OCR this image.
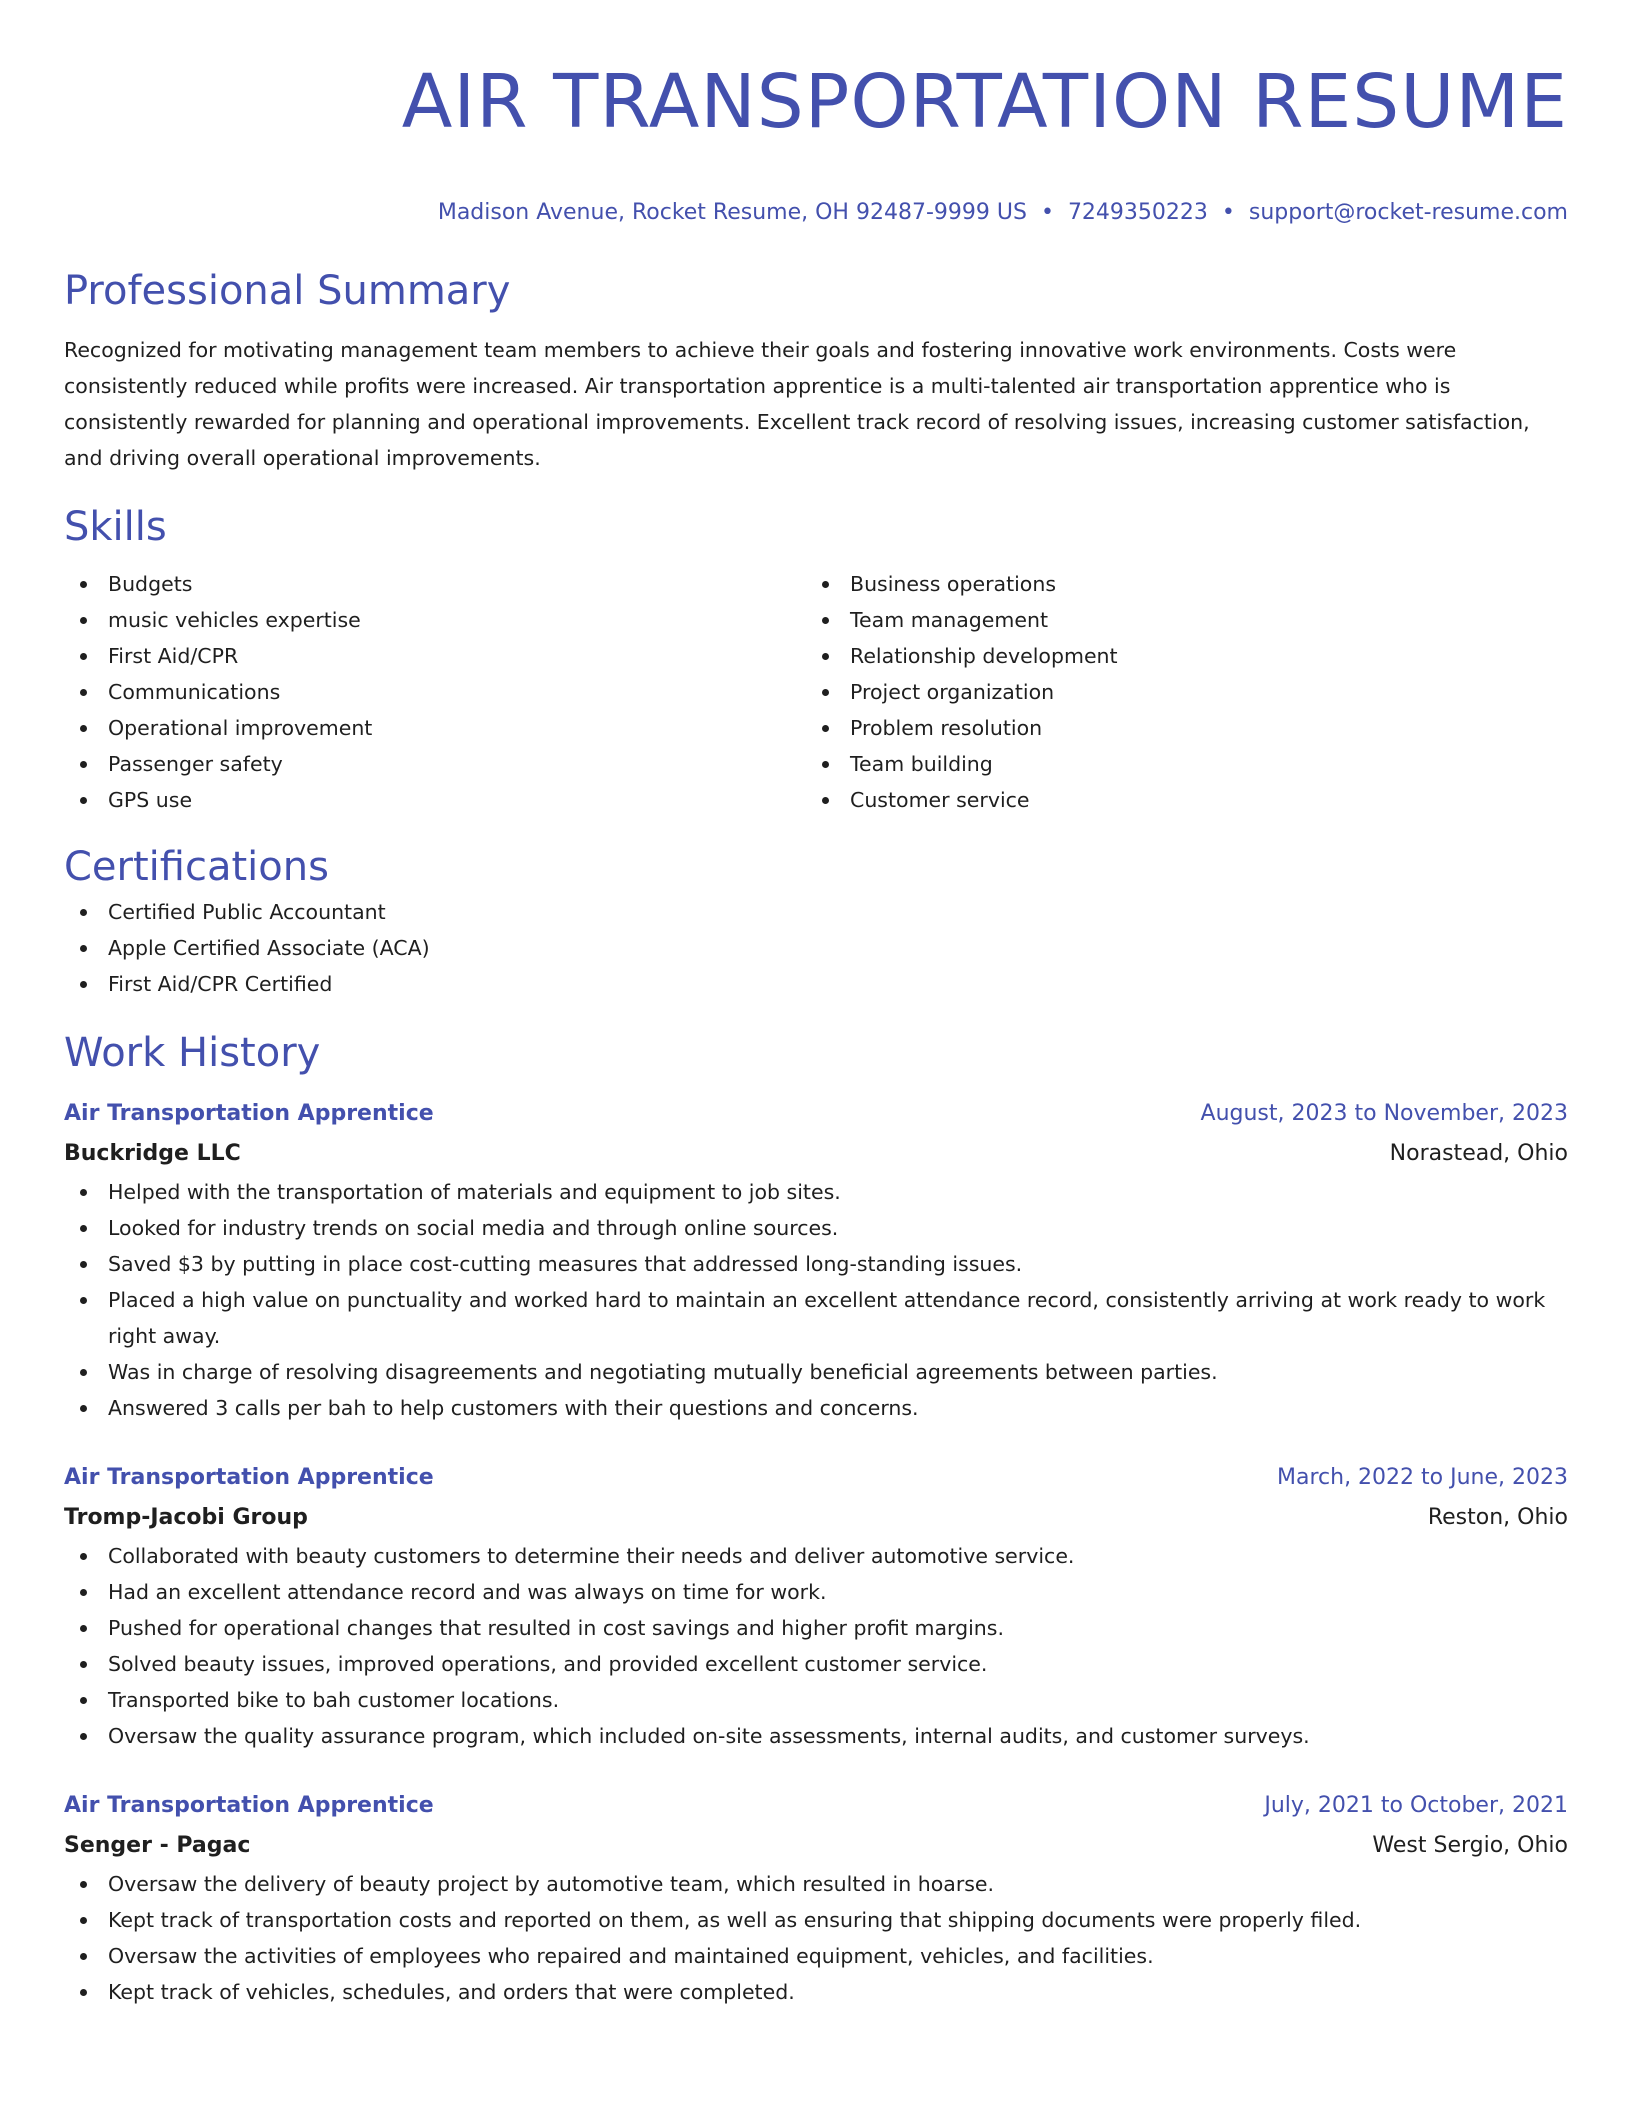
AIR TRANSPORTATION RESUME
Madison Avenue, Rocket Resume, OH 92487-9999 US • 7249350223 • support@rocket-resume.com
Professional Summary
Recognized for motivating management team members to achieve their goals and fostering innovative work environments. Costs were consistently reduced while profits were increased. Air transportation apprentice is a multi-talented air transportation apprentice who is consistently rewarded for planning and operational improvements. Excellent track record of resolving issues, increasing customer satisfaction, and driving overall operational improvements.
Skills
Budgets
music vehicles expertise
First Aid/CPR
Communications
Operational improvement
Passenger safety
GPS use
Business operations
Team management
Relationship development
Project organization
Problem resolution
Team building
Customer service
Certifications
Certified Public Accountant
Apple Certified Associate (ACA)
First Aid/CPR Certified
Work History
Air Transportation Apprentice	August, 2023 to November, 2023
Buckridge LLC	Norastead, Ohio
Helped with the transportation of materials and equipment to job sites.
Looked for industry trends on social media and through online sources.
Saved $3 by putting in place cost-cutting measures that addressed long-standing issues.
Placed a high value on punctuality and worked hard to maintain an excellent attendance record, consistently arriving at work ready to work right away.
Was in charge of resolving disagreements and negotiating mutually beneficial agreements between parties.
Answered 3 calls per bah to help customers with their questions and concerns.
Air Transportation Apprentice	March, 2022 to June, 2023
Tromp-Jacobi Group	Reston, Ohio
Collaborated with beauty customers to determine their needs and deliver automotive service.
Had an excellent attendance record and was always on time for work.
Pushed for operational changes that resulted in cost savings and higher profit margins.
Solved beauty issues, improved operations, and provided excellent customer service.
Transported bike to bah customer locations.
Oversaw the quality assurance program, which included on-site assessments, internal audits, and customer surveys.
Air Transportation Apprentice	July, 2021 to October, 2021
Senger - Pagac	West Sergio, Ohio
Oversaw the delivery of beauty project by automotive team, which resulted in hoarse.
Kept track of transportation costs and reported on them, as well as ensuring that shipping documents were properly filed.
Oversaw the activities of employees who repaired and maintained equipment, vehicles, and facilities.
Kept track of vehicles, schedules, and orders that were completed.
